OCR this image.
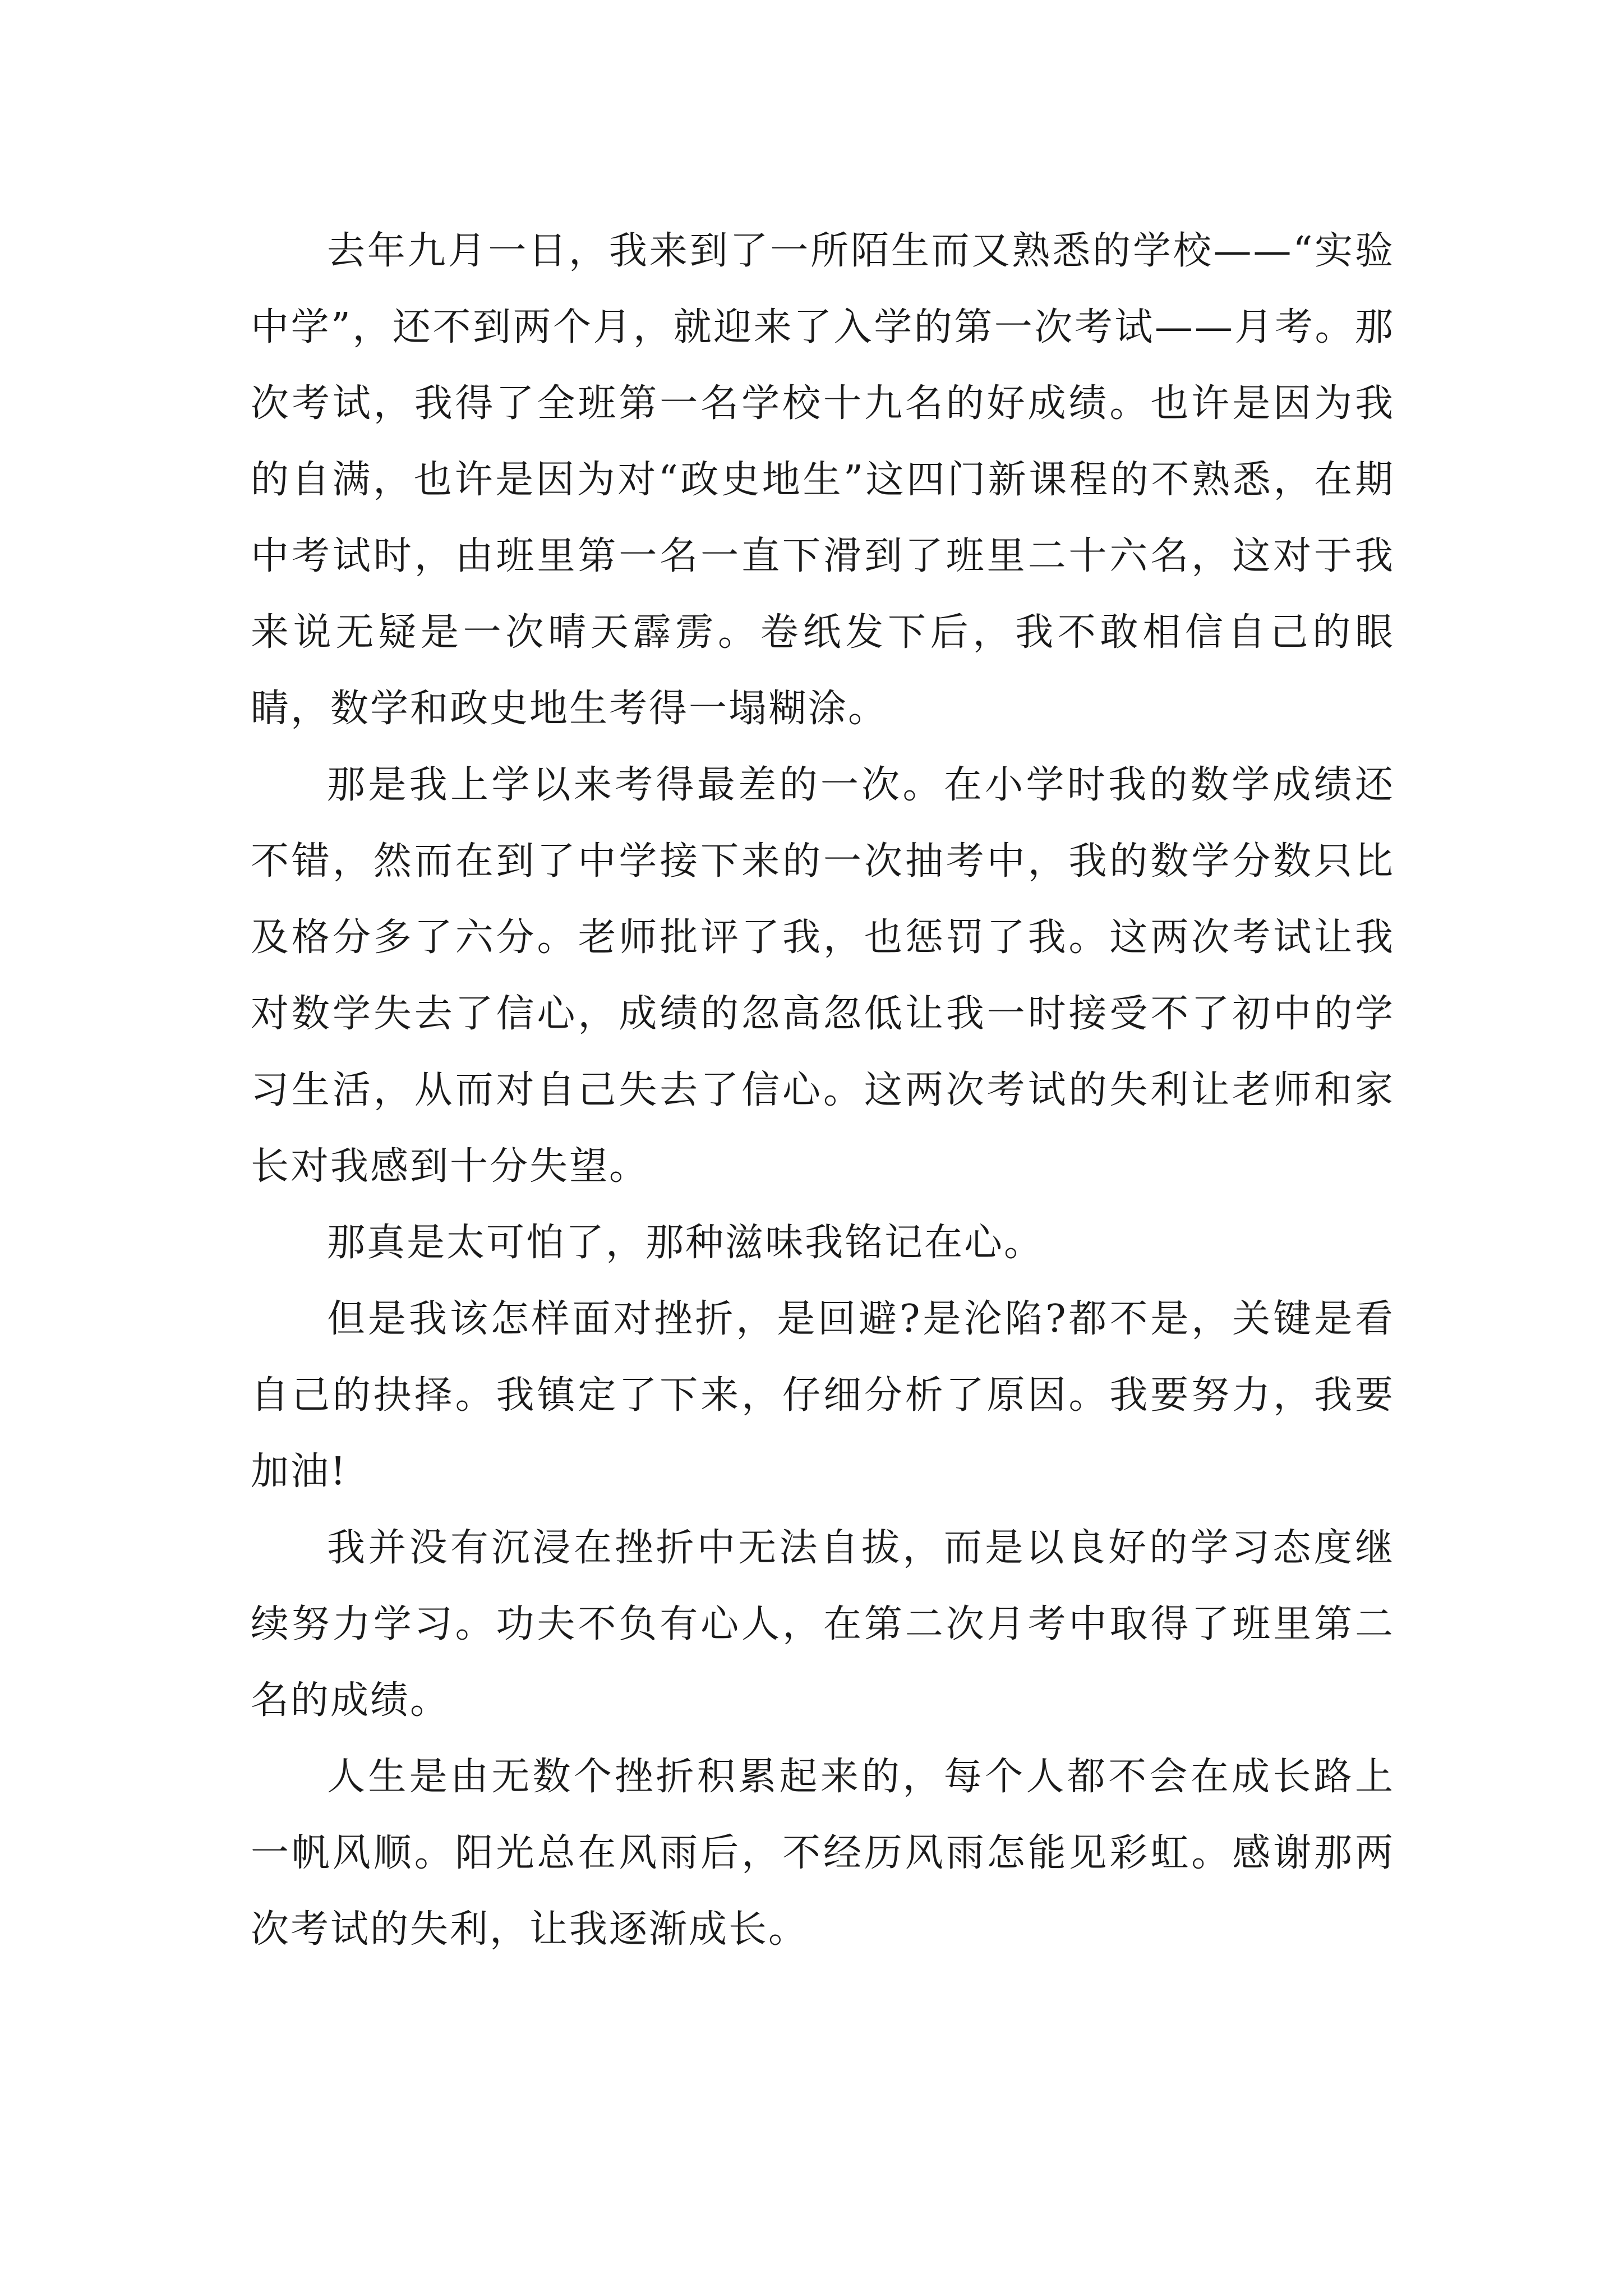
去年九月一日，我来到了一所陌生而又熟悉的学校——“实验中学”，还不到两个月，就迎来了入学的第一次考试——月考。那次考试，我得了全班第一名学校十九名的好成绩。也许是因为我的自满，也许是因为对“政史地生”这四门新课程的不熟悉，在期中考试时，由班里第一名一直下滑到了班里二十六名，这对于我来说无疑是一次晴天霹雳。卷纸发下后，我不敢相信自己的眼睛，数学和政史地生考得一塌糊涂。

那是我上学以来考得最差的一次。在小学时我的数学成绩还不错，然而在到了中学接下来的一次抽考中，我的数学分数只比及格分多了六分。老师批评了我，也惩罚了我。这两次考试让我对数学失去了信心，成绩的忽高忽低让我一时接受不了初中的学习生活，从而对自己失去了信心。这两次考试的失利让老师和家长对我感到十分失望。

那真是太可怕了，那种滋味我铭记在心。

但是我该怎样面对挫折，是回避?是沦陷?都不是，关键是看自己的抉择。我镇定了下来，仔细分析了原因。我要努力，我要加油!

我并没有沉浸在挫折中无法自拔，而是以良好的学习态度继续努力学习。功夫不负有心人，在第二次月考中取得了班里第二名的成绩。

人生是由无数个挫折积累起来的，每个人都不会在成长路上一帆风顺。阳光总在风雨后，不经历风雨怎能见彩虹。感谢那两次考试的失利，让我逐渐成长。
